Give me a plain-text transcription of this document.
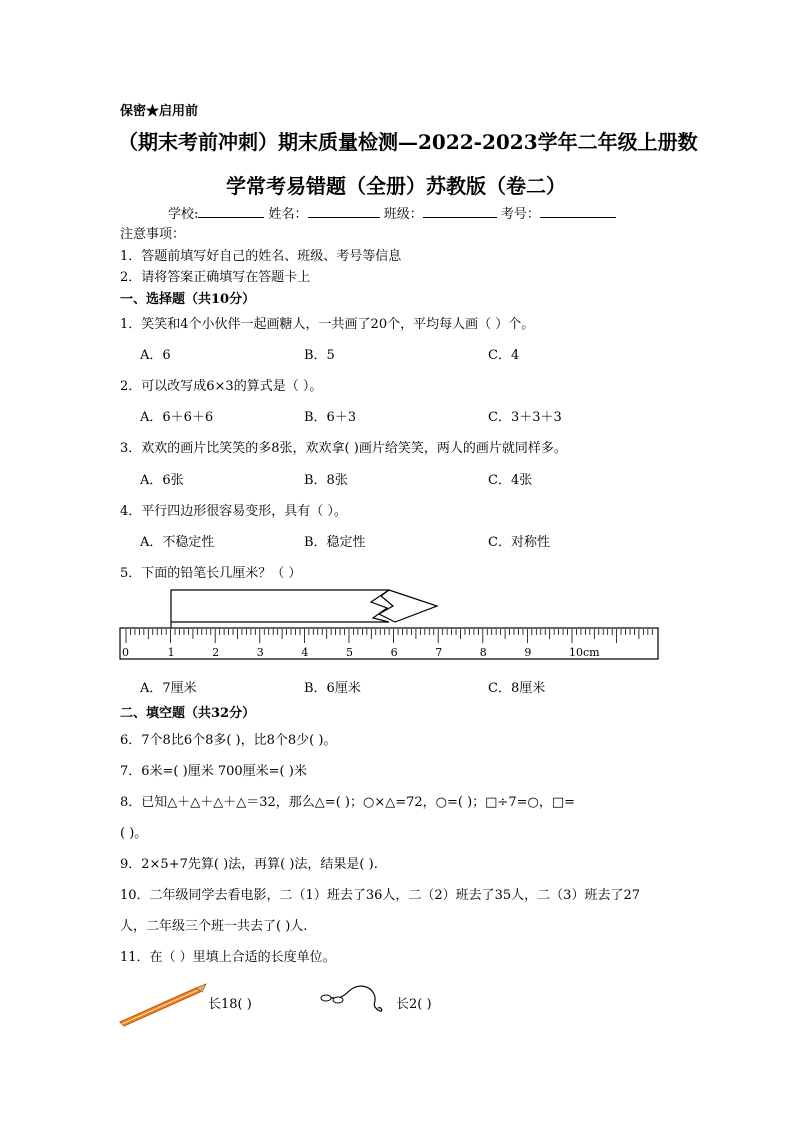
保密★启用前
（期末考前冲刺）期末质量检测—2022-2023学年二年级上册数
学常考易错题（全册）苏教版（卷二）
学校:	姓名：	班级：	考号：
注意事项：
1．答题前填写好自己的姓名、班级、考号等信息
2．请将答案正确填写在答题卡上
一、选择题（共10分）
1．笑笑和4个小伙伴一起画糖人，一共画了20个，平均每人画（ ）个。
A．6	B．5	C．4
2．可以改写成6×3的算式是（ ）。
A．6＋6＋6	B．6＋3	C．3＋3＋3
3．欢欢的画片比笑笑的多8张，欢欢拿( )画片给笑笑，两人的画片就同样多。
A．6张	B．8张	C．4张
4．平行四边形很容易变形，具有（ ）。
A．不稳定性	B．稳定性	C．对称性
5．下面的铅笔长几厘米？（ ）
0	1	2	3	4	5	6	7	8	9	10cm
A．7厘米	B．6厘米	C．8厘米
二、填空题（共32分）
6．7个8比6个8多( )，比8个8少( )。
7．6米=( )厘米 700厘米=( )米
8．已知△＋△＋△＋△＝32，那么△=( )；○×△=72，○=( )；□÷7=○，□=
( )。
9．2×5+7先算( )法，再算( )法，结果是( ).
10．二年级同学去看电影，二（1）班去了36人，二（2）班去了35人，二（3）班去了27
人，二年级三个班一共去了( )人.
11．在（ ）里填上合适的长度单位。
长18( )	长2( )
